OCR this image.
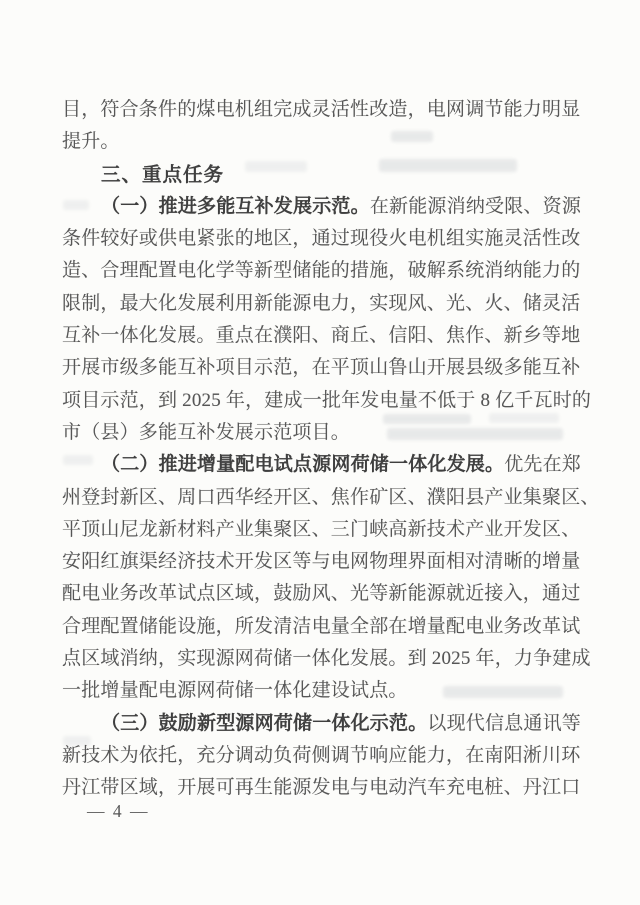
目，符合条件的煤电机组完成灵活性改造，电网调节能力明显
提升。
三、重点任务
（一）推进多能互补发展示范。在新能源消纳受限、资源
条件较好或供电紧张的地区，通过现役火电机组实施灵活性改
造、合理配置电化学等新型储能的措施，破解系统消纳能力的
限制，最大化发展利用新能源电力，实现风、光、火、储灵活
互补一体化发展。重点在濮阳、商丘、信阳、焦作、新乡等地
开展市级多能互补项目示范，在平顶山鲁山开展县级多能互补
项目示范，到 2025 年，建成一批年发电量不低于 8 亿千瓦时的
市（县）多能互补发展示范项目。
（二）推进增量配电试点源网荷储一体化发展。优先在郑
州登封新区、周口西华经开区、焦作矿区、濮阳县产业集聚区、
平顶山尼龙新材料产业集聚区、三门峡高新技术产业开发区、
安阳红旗渠经济技术开发区等与电网物理界面相对清晰的增量
配电业务改革试点区域，鼓励风、光等新能源就近接入，通过
合理配置储能设施，所发清洁电量全部在增量配电业务改革试
点区域消纳，实现源网荷储一体化发展。到 2025 年，力争建成
一批增量配电源网荷储一体化建设试点。
（三）鼓励新型源网荷储一体化示范。以现代信息通讯等
新技术为依托，充分调动负荷侧调节响应能力，在南阳淅川环
丹江带区域，开展可再生能源发电与电动汽车充电桩、丹江口
— 4 —
